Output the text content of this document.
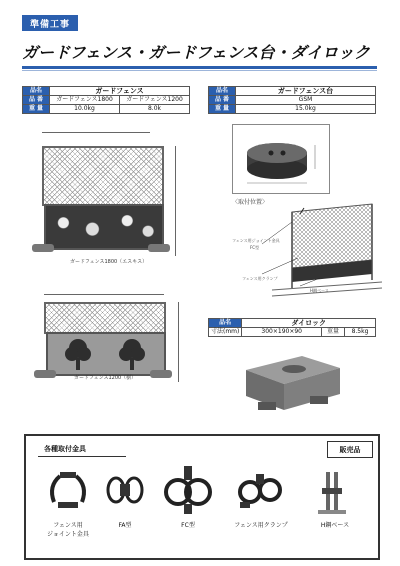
準備工事
ガードフェンス・ガードフェンス台・ダイロック
品名	ガードフェンス	
品 番	ガードフェンス1800	ガードフェンス1200
重 量	10.0kg	8.0k
ガードフェンス1800（エスキス）
ガードフェンス1200（樹）
品名	ガードフェンス台
品 番	GSM
重 量	15.0kg
〈取付位置〉
フェンス用ジョイント金具
FC型
フェンス用クランプ
H鋼ベース
品名	ダイロック		
寸法(mm)	300×190×90	重量	8.5kg
各種取付金具	販売品
フェンス用
ジョイント金具
FA型	FC型	フェンス用クランプ	H鋼ベース
